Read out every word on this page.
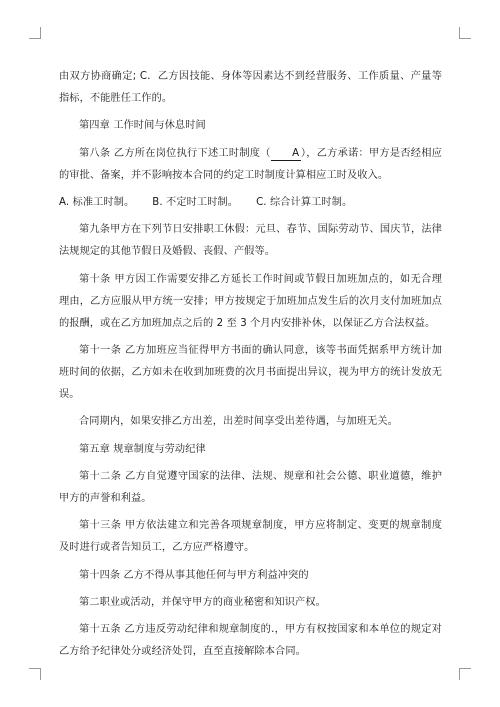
由双方协商确定; C．乙方因技能、身体等因素达不到经营服务、工作质量、产量等指标，不能胜任工作的。

第四章 工作时间与休息时间

第八条 乙方所在岗位执行下述工时制度（ A），乙方承诺：甲方是否经相应的审批、备案，并不影响按本合同的约定工时制度计算相应工时及收入。

A. 标准工时制。 B. 不定时工时制。 C. 综合计算工时制。

第九条甲方在下列节日安排职工休假：元旦、春节、国际劳动节、国庆节，法律法规规定的其他节假日及婚假、丧假、产假等。

第十条 甲方因工作需要安排乙方延长工作时间或节假日加班加点的，如无合理理由，乙方应服从甲方统一安排；甲方按规定于加班加点发生后的次月支付加班加点的报酬，或在乙方加班加点之后的 2 至 3 个月内安排补休，以保证乙方合法权益。

第十一条 乙方加班应当征得甲方书面的确认同意，该等书面凭据系甲方统计加班时间的依据，乙方如未在收到加班费的次月书面提出异议，视为甲方的统计发放无误。

合同期内，如果安排乙方出差，出差时间享受出差待遇，与加班无关。

第五章 规章制度与劳动纪律

第十二条 乙方自觉遵守国家的法律、法规、规章和社会公德、职业道德，维护甲方的声誉和利益。

第十三条 甲方依法建立和完善各项规章制度，甲方应将制定、变更的规章制度及时进行或者告知员工，乙方应严格遵守。

第十四条 乙方不得从事其他任何与甲方利益冲突的

第二职业或活动，并保守甲方的商业秘密和知识产权。

第十五条 乙方违反劳动纪律和规章制度的.，甲方有权按国家和本单位的规定对乙方给予纪律处分或经济处罚，直至直接解除本合同。
